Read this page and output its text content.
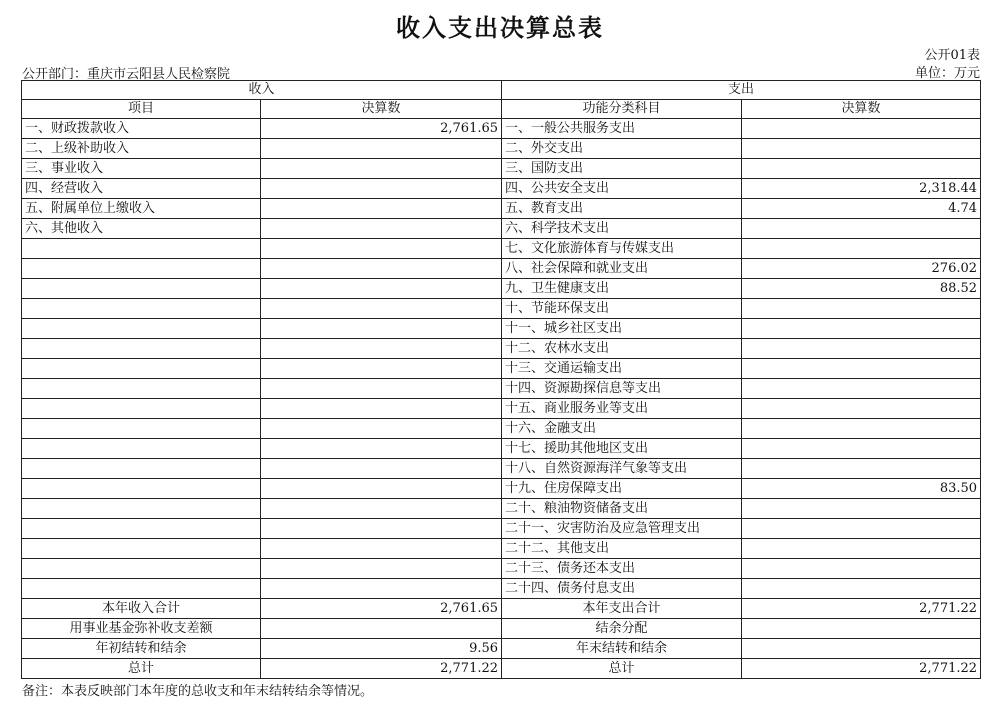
收入支出决算总表
公开01表
公开部门：重庆市云阳县人民检察院	单位：万元
收入		支出	
项目	决算数	功能分类科目	决算数
一、财政拨款收入	2,761.65	一、一般公共服务支出	
二、上级补助收入		二、外交支出	
三、事业收入		三、国防支出	
四、经营收入		四、公共安全支出	2,318.44
五、附属单位上缴收入		五、教育支出	4.74
六、其他收入		六、科学技术支出	
		七、文化旅游体育与传媒支出	
		八、社会保障和就业支出	276.02
		九、卫生健康支出	88.52
		十、节能环保支出	
		十一、城乡社区支出	
		十二、农林水支出	
		十三、交通运输支出	
		十四、资源勘探信息等支出	
		十五、商业服务业等支出	
		十六、金融支出	
		十七、援助其他地区支出	
		十八、自然资源海洋气象等支出	
		十九、住房保障支出	83.50
		二十、粮油物资储备支出	
		二十一、灾害防治及应急管理支出	
		二十二、其他支出	
		二十三、债务还本支出	
		二十四、债务付息支出	
本年收入合计	2,761.65	本年支出合计	2,771.22
用事业基金弥补收支差额		结余分配	
年初结转和结余	9.56	年末结转和结余	
总计	2,771.22	总计	2,771.22
备注：本表反映部门本年度的总收支和年末结转结余等情况。
